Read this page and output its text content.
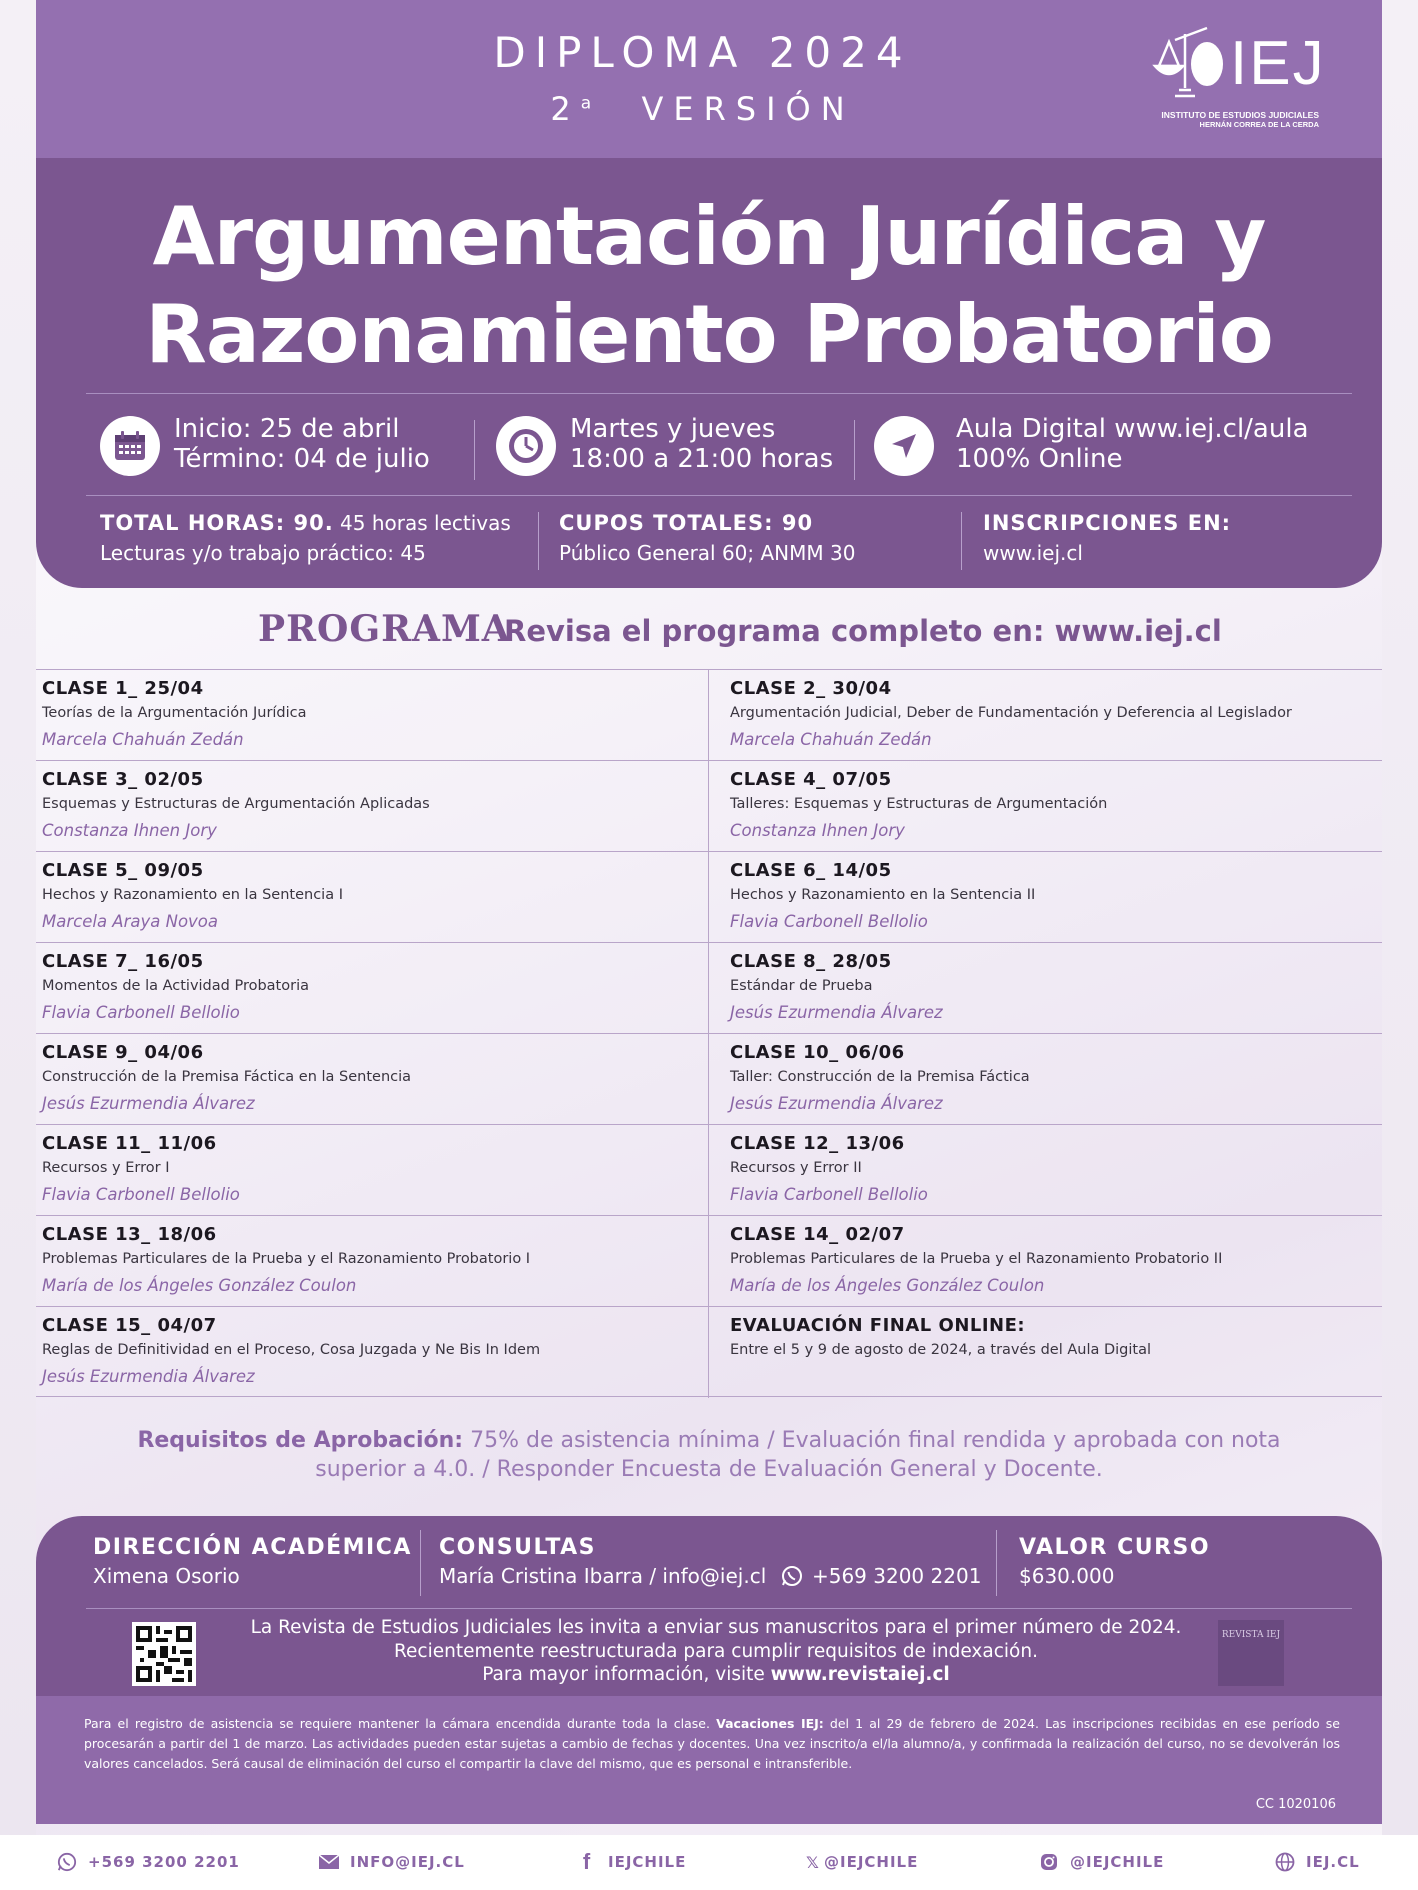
DIPLOMA 2024
2$^a$ VERSIÓN
IEJ
INSTITUTO DE ESTUDIOS JUDICIALES
HERNÁN CORREA DE LA CERDA
Argumentación Jurídica y
Razonamiento Probatorio
Inicio: 25 de abril
Término: 04 de julio
Martes y jueves
18:00 a 21:00 horas
Aula Digital www.iej.cl/aula
100% Online
TOTAL HORAS: 90. 45 horas lectivas
Lecturas y/o trabajo práctico: 45
CUPOS TOTALES: 90
Público General 60; ANMM 30
INSCRIPCIONES EN:
www.iej.cl
PROGRAMA
Revisa el programa completo en: www.iej.cl
CLASE 1_ 25/04
Teorías de la Argumentación Jurídica
Marcela Chahuán Zedán
CLASE 2_ 30/04
Argumentación Judicial, Deber de Fundamentación y Deferencia al Legislador
Marcela Chahuán Zedán
CLASE 3_ 02/05
Esquemas y Estructuras de Argumentación Aplicadas
Constanza Ihnen Jory
CLASE 4_ 07/05
Talleres: Esquemas y Estructuras de Argumentación
Constanza Ihnen Jory
CLASE 5_ 09/05
Hechos y Razonamiento en la Sentencia I
Marcela Araya Novoa
CLASE 6_ 14/05
Hechos y Razonamiento en la Sentencia II
Flavia Carbonell Bellolio
CLASE 7_ 16/05
Momentos de la Actividad Probatoria
Flavia Carbonell Bellolio
CLASE 8_ 28/05
Estándar de Prueba
Jesús Ezurmendia Álvarez
CLASE 9_ 04/06
Construcción de la Premisa Fáctica en la Sentencia
Jesús Ezurmendia Álvarez
CLASE 10_ 06/06
Taller: Construcción de la Premisa Fáctica
Jesús Ezurmendia Álvarez
CLASE 11_ 11/06
Recursos y Error I
Flavia Carbonell Bellolio
CLASE 12_ 13/06
Recursos y Error II
Flavia Carbonell Bellolio
CLASE 13_ 18/06
Problemas Particulares de la Prueba y el Razonamiento Probatorio I
María de los Ángeles González Coulon
CLASE 14_ 02/07
Problemas Particulares de la Prueba y el Razonamiento Probatorio II
María de los Ángeles González Coulon
CLASE 15_ 04/07
Reglas de Definitividad en el Proceso, Cosa Juzgada y Ne Bis In Idem
Jesús Ezurmendia Álvarez
EVALUACIÓN FINAL ONLINE:
Entre el 5 y 9 de agosto de 2024, a través del Aula Digital
Requisitos de Aprobación: 75% de asistencia mínima / Evaluación final rendida y aprobada con nota superior a 4.0. / Responder Encuesta de Evaluación General y Docente.
DIRECCIÓN ACADÉMICA
Ximena Osorio
CONSULTAS
María Cristina Ibarra / info@iej.cl +569 3200 2201
VALOR CURSO
$630.000
La Revista de Estudios Judiciales les invita a enviar sus manuscritos para el primer número de 2024.
Recientemente reestructurada para cumplir requisitos de indexación.
Para mayor información, visite www.revistaiej.cl
REVISTA IEJ

Para el registro de asistencia se requiere mantener la cámara encendida durante toda la clase. Vacaciones IEJ: del 1 al 29 de febrero de 2024. Las inscripciones recibidas en ese período se procesarán a partir del 1 de marzo. Las actividades pueden estar sujetas a cambio de fechas y docentes. Una vez inscrito/a el/la alumno/a, y confirmada la realización del curso, no se devolverán los valores cancelados. Será causal de eliminación del curso el compartir la clave del mismo, que es personal e intransferible.

CC 1020106
+569 3200 2201	INFO@IEJ.CL	f	IEJCHILE	𝕏 @IEJCHILE	@IEJCHILE	IEJ.CL
